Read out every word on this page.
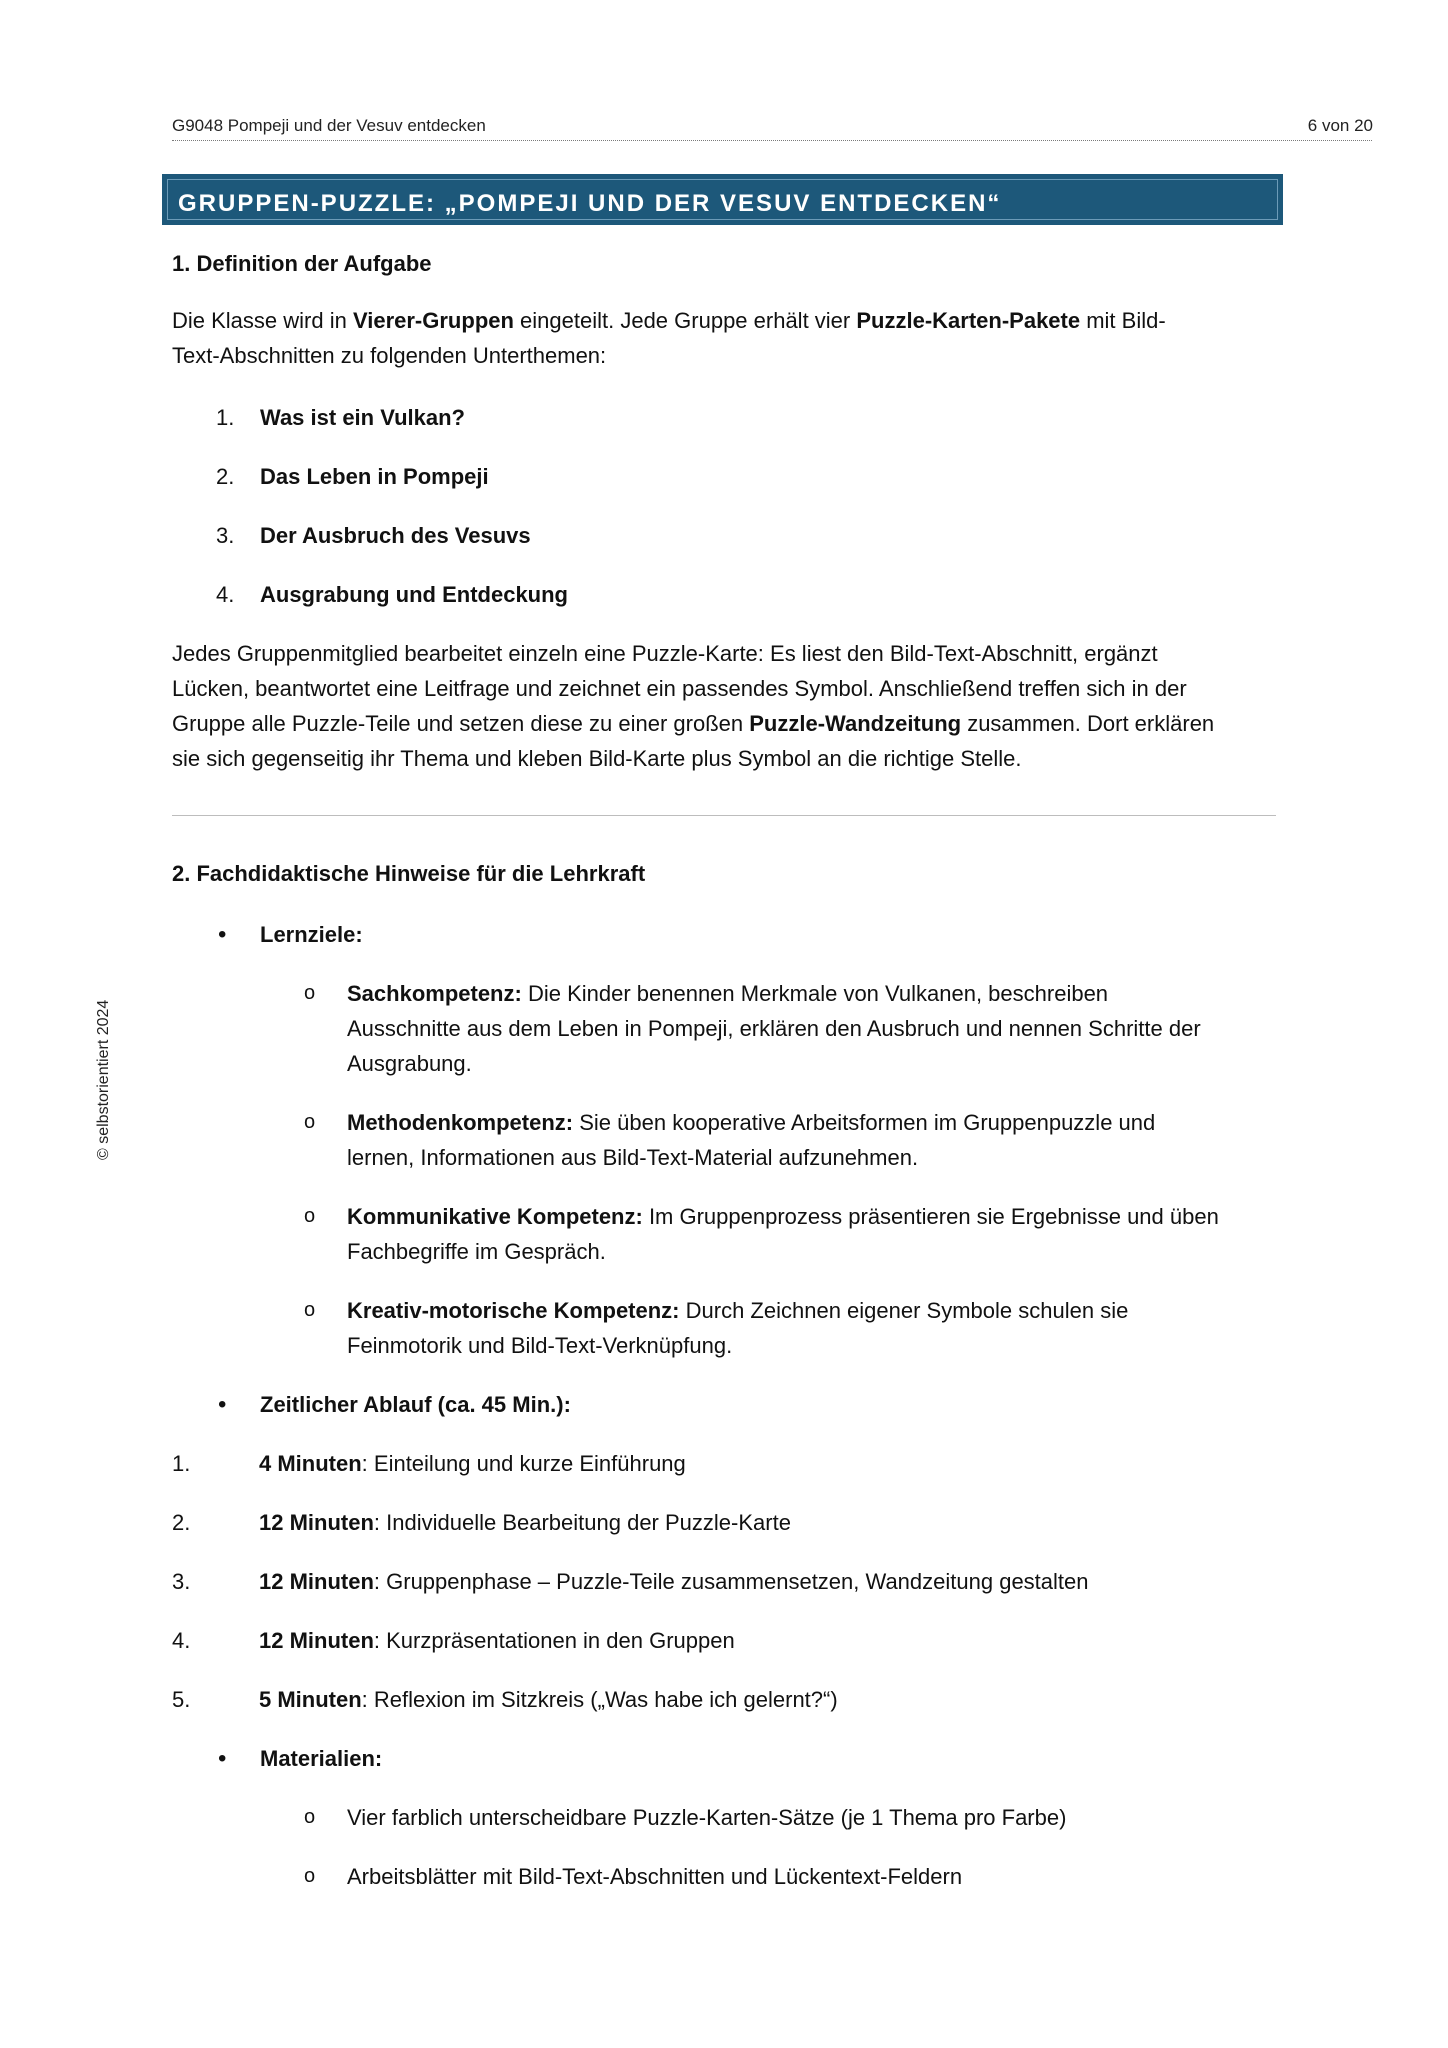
G9048 Pompeji und der Vesuv entdecken	6 von 20
© selbstorientiert 2024
GRUPPEN-PUZZLE: „POMPEJI UND DER VESUV ENTDECKEN“
1. Definition der Aufgabe
Die Klasse wird in Vierer-Gruppen eingeteilt. Jede Gruppe erhält vier Puzzle-Karten-Pakete mit Bild-
Text-Abschnitten zu folgenden Unterthemen:
1. Was ist ein Vulkan?
2. Das Leben in Pompeji
3. Der Ausbruch des Vesuvs
4. Ausgrabung und Entdeckung
Jedes Gruppenmitglied bearbeitet einzeln eine Puzzle-Karte: Es liest den Bild-Text-Abschnitt, ergänzt
Lücken, beantwortet eine Leitfrage und zeichnet ein passendes Symbol. Anschließend treffen sich in der
Gruppe alle Puzzle-Teile und setzen diese zu einer großen Puzzle-Wandzeitung zusammen. Dort erklären
sie sich gegenseitig ihr Thema und kleben Bild-Karte plus Symbol an die richtige Stelle.
2. Fachdidaktische Hinweise für die Lehrkraft
• Lernziele:
o Sachkompetenz: Die Kinder benennen Merkmale von Vulkanen, beschreiben
Ausschnitte aus dem Leben in Pompeji, erklären den Ausbruch und nennen Schritte der
Ausgrabung.
o Methodenkompetenz: Sie üben kooperative Arbeitsformen im Gruppenpuzzle und
lernen, Informationen aus Bild-Text-Material aufzunehmen.
o Kommunikative Kompetenz: Im Gruppenprozess präsentieren sie Ergebnisse und üben
Fachbegriffe im Gespräch.
o Kreativ-motorische Kompetenz: Durch Zeichnen eigener Symbole schulen sie
Feinmotorik und Bild-Text-Verknüpfung.
• Zeitlicher Ablauf (ca. 45 Min.):
1.	4 Minuten: Einteilung und kurze Einführung
2.	12 Minuten: Individuelle Bearbeitung der Puzzle-Karte
3.	12 Minuten: Gruppenphase – Puzzle-Teile zusammensetzen, Wandzeitung gestalten
4.	12 Minuten: Kurzpräsentationen in den Gruppen
5.	5 Minuten: Reflexion im Sitzkreis („Was habe ich gelernt?“)
• Materialien:
o Vier farblich unterscheidbare Puzzle-Karten-Sätze (je 1 Thema pro Farbe)
o Arbeitsblätter mit Bild-Text-Abschnitten und Lückentext-Feldern
